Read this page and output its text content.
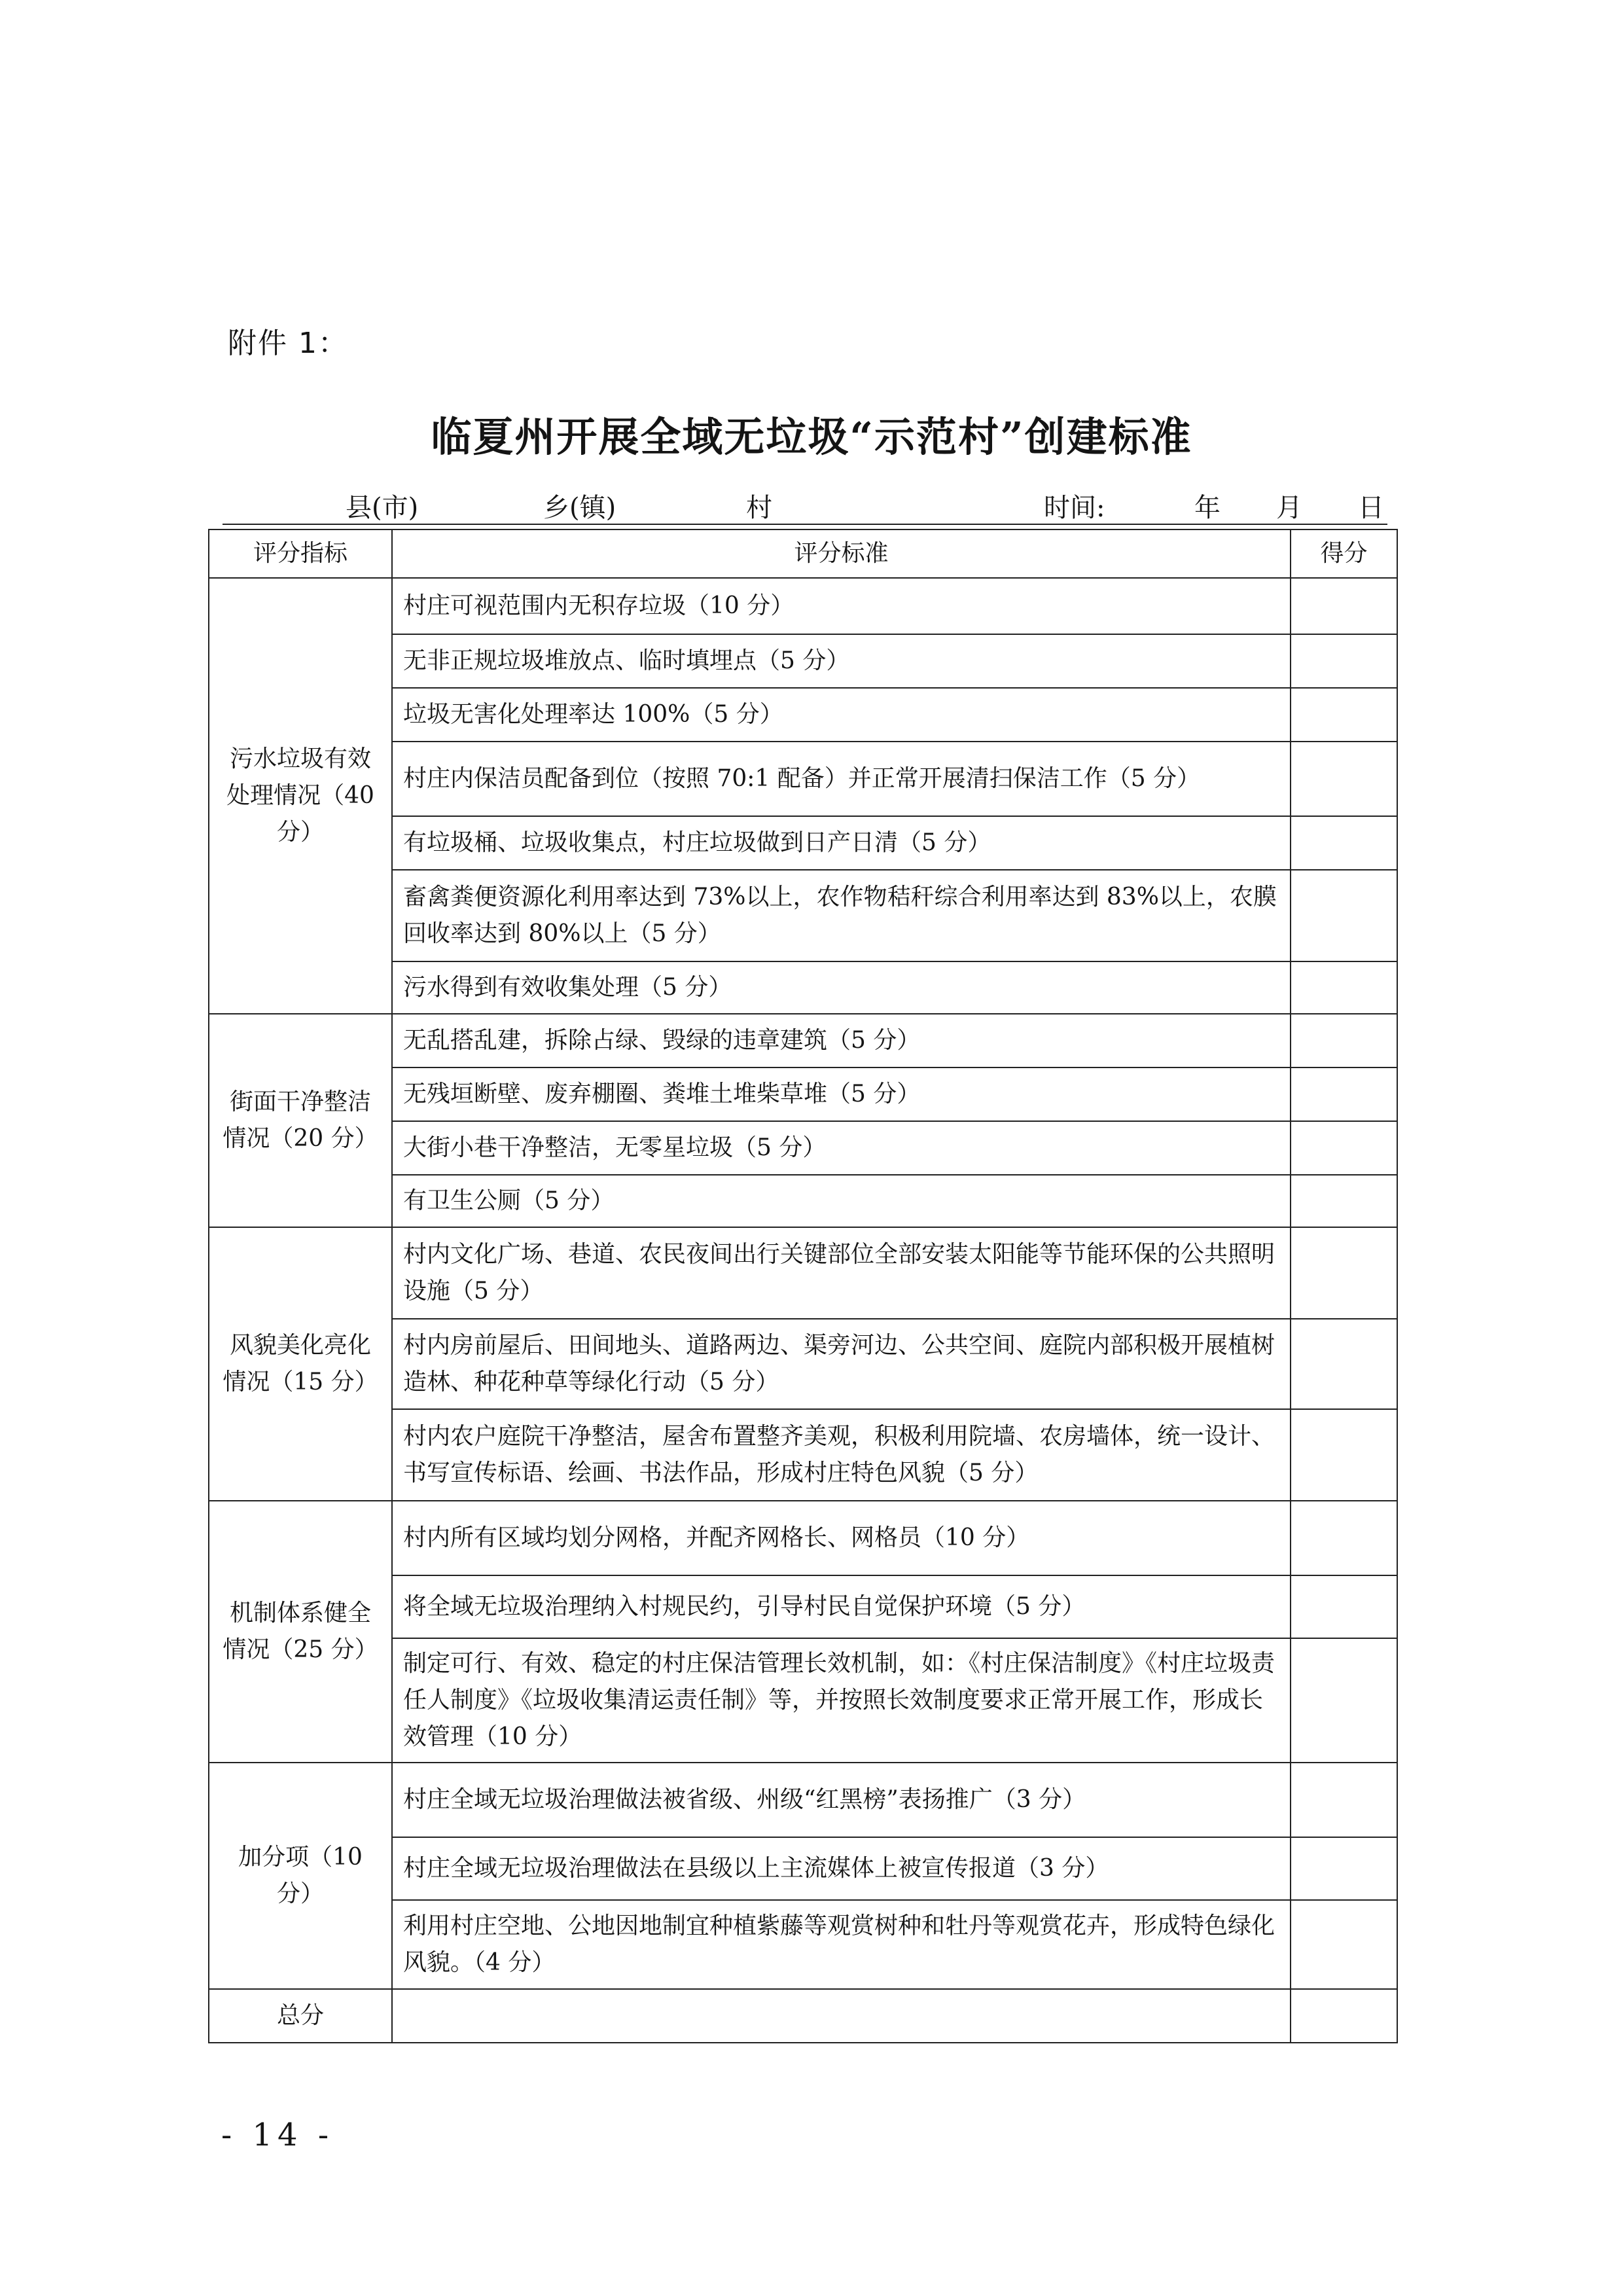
附件 1：
临夏州开展全域无垃圾“示范村”创建标准
县(市)	乡(镇)	村	时间:	年 月 日
评分指标	评分标准	得分
污水垃圾有效处理情况（40 分）	村庄可视范围内无积存垃圾（10 分）	
	无非正规垃圾堆放点、临时填埋点（5 分）	
	垃圾无害化处理率达 100%（5 分）	
	村庄内保洁员配备到位（按照 70:1 配备）并正常开展清扫保洁工作（5 分）	
	有垃圾桶、垃圾收集点，村庄垃圾做到日产日清（5 分）	
	畜禽粪便资源化利用率达到 73%以上，农作物秸秆综合利用率达到 83%以上，农膜回收率达到 80%以上（5 分）	
	污水得到有效收集处理（5 分）	
街面干净整洁情况（20 分）	无乱搭乱建，拆除占绿、毁绿的违章建筑（5 分）	
	无残垣断壁、废弃棚圈、粪堆土堆柴草堆（5 分）	
	大街小巷干净整洁，无零星垃圾（5 分）	
	有卫生公厕（5 分）	
风貌美化亮化情况（15 分）	村内文化广场、巷道、农民夜间出行关键部位全部安装太阳能等节能环保的公共照明设施（5 分）	
	村内房前屋后、田间地头、道路两边、渠旁河边、公共空间、庭院内部积极开展植树造林、种花种草等绿化行动（5 分）	
	村内农户庭院干净整洁，屋舍布置整齐美观，积极利用院墙、农房墙体，统一设计、书写宣传标语、绘画、书法作品，形成村庄特色风貌（5 分）	
机制体系健全情况（25 分）	村内所有区域均划分网格，并配齐网格长、网格员（10 分）	
	将全域无垃圾治理纳入村规民约，引导村民自觉保护环境（5 分）	
	制定可行、有效、稳定的村庄保洁管理长效机制，如：《村庄保洁制度》《村庄垃圾责任人制度》《垃圾收集清运责任制》等，并按照长效制度要求正常开展工作，形成长效管理（10 分）	
加分项（10 分）	村庄全域无垃圾治理做法被省级、州级“红黑榜”表扬推广（3 分）	
	村庄全域无垃圾治理做法在县级以上主流媒体上被宣传报道（3 分）	
	利用村庄空地、公地因地制宜种植紫藤等观赏树种和牡丹等观赏花卉，形成特色绿化风貌。（4 分）	
总分		
- 14 -
